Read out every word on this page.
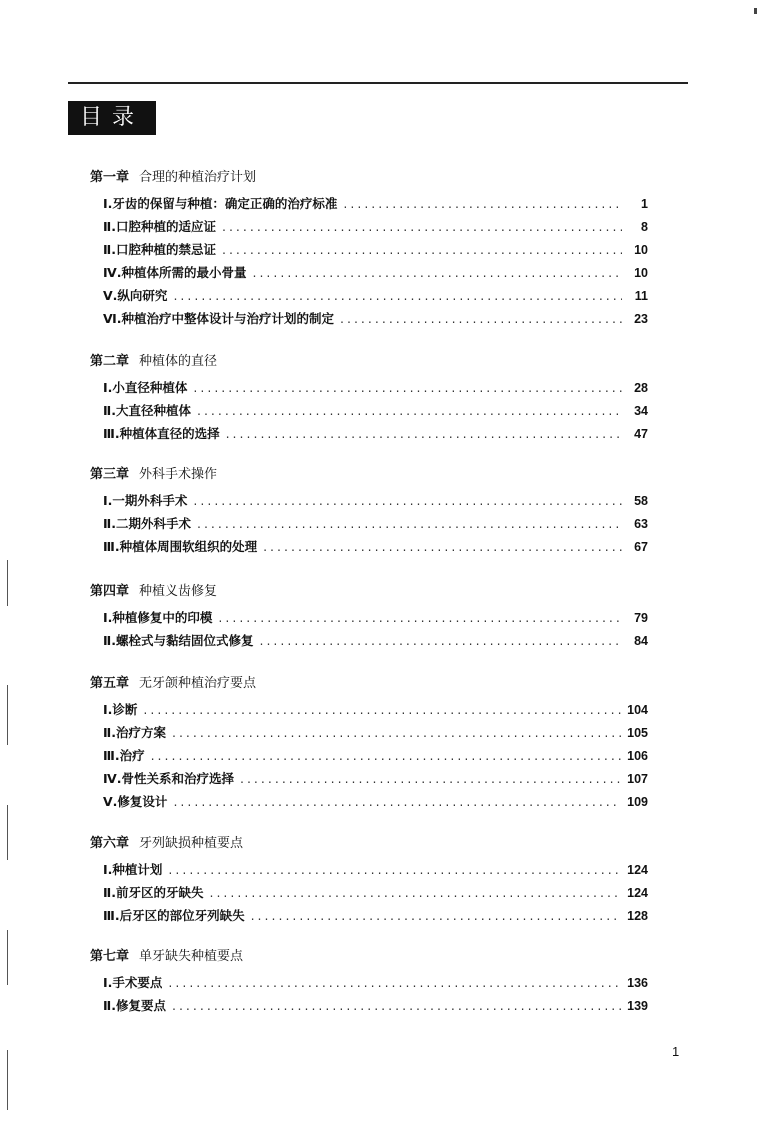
目录
第一章 合理的种植治疗计划
Ⅰ.牙齿的保留与种植：确定正确的治疗标准 .....	1
Ⅱ.口腔种植的适应证 .....	8
Ⅱ.口腔种植的禁忌证 .....	10
Ⅳ.种植体所需的最小骨量 .....	10
Ⅴ.纵向研究 .....	11
Ⅵ.种植治疗中整体设计与治疗计划的制定 .....	23
第二章 种植体的直径
Ⅰ.小直径种植体 .....	28
Ⅱ.大直径种植体 .....	34
Ⅲ.种植体直径的选择 .....	47
第三章 外科手术操作
Ⅰ.一期外科手术 .....	58
Ⅱ.二期外科手术 .....	63
Ⅲ.种植体周围软组织的处理 .....	67
第四章 种植义齿修复
Ⅰ.种植修复中的印模 .....	79
Ⅱ.螺栓式与黏结固位式修复 .....	84
第五章 无牙颌种植治疗要点
Ⅰ.诊断 .....	104
Ⅱ.治疗方案 .....	105
Ⅲ.治疗 .....	106
Ⅳ.骨性关系和治疗选择 .....	107
Ⅴ.修复设计 .....	109
第六章 牙列缺损种植要点
Ⅰ.种植计划 .....	124
Ⅱ.前牙区的牙缺失 .....	124
Ⅲ.后牙区的部位牙列缺失 .....	128
第七章 单牙缺失种植要点
Ⅰ.手术要点 .....	136
Ⅱ.修复要点 .....	139
1
